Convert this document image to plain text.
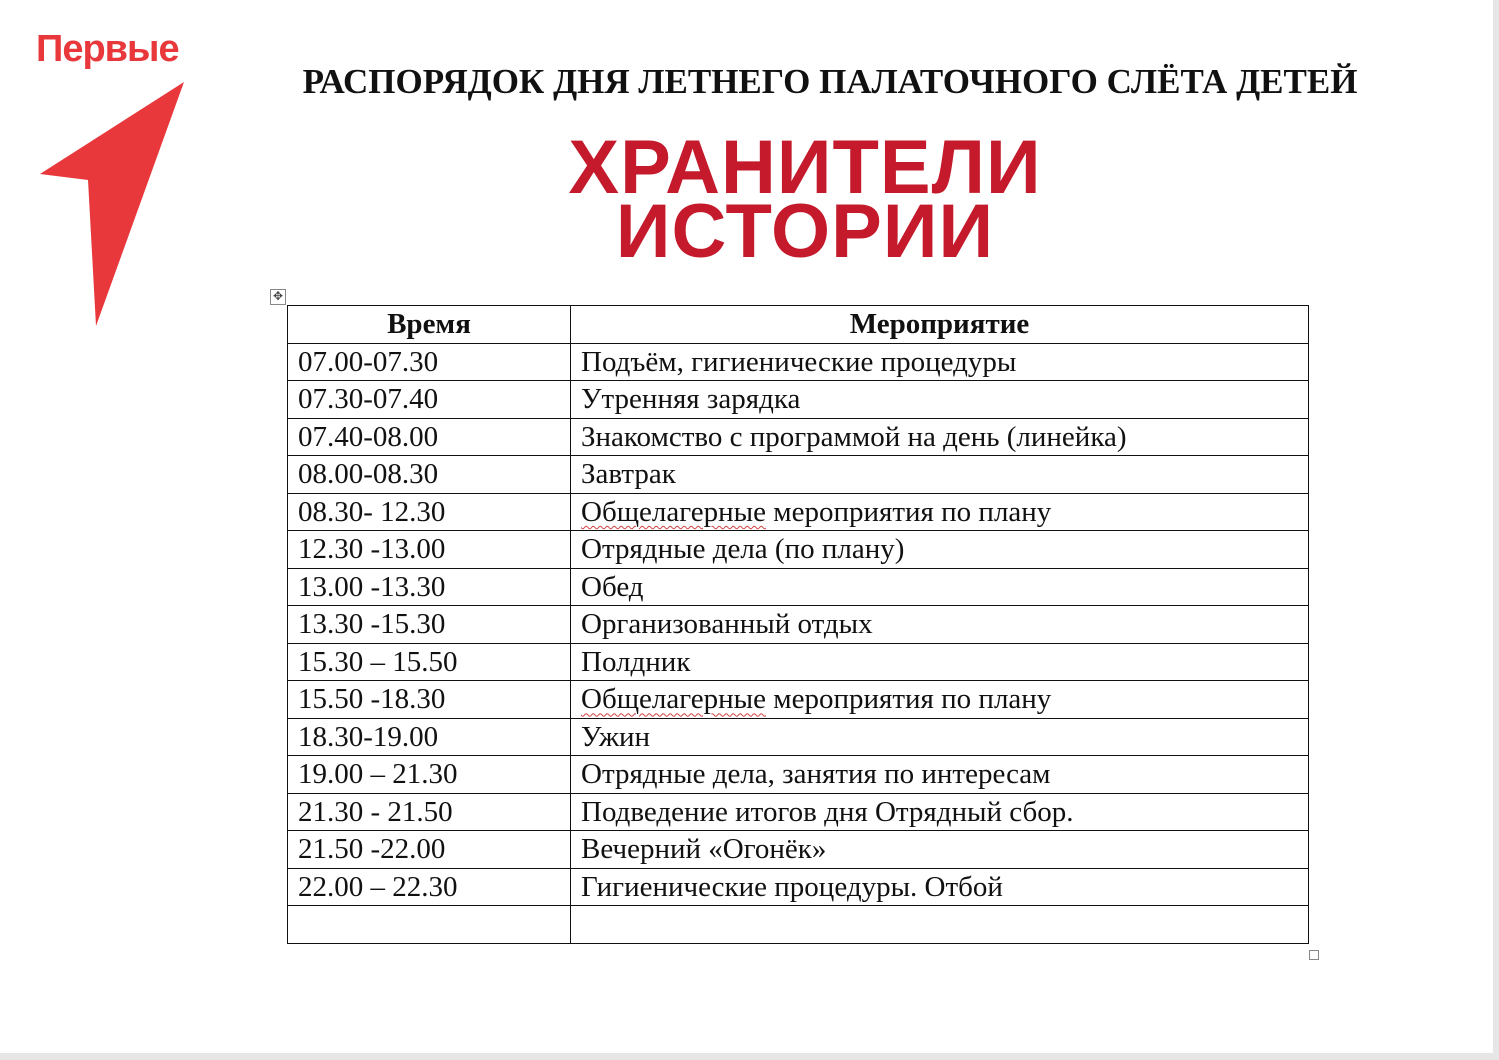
Первые
РАСПОРЯДОК ДНЯ ЛЕТНЕГО ПАЛАТОЧНОГО СЛЁТА ДЕТЕЙ
ХРАНИТЕЛИ
ИСТОРИИ
✥
Время	Мероприятие
07.00-07.30	Подъём, гигиенические процедуры
07.30-07.40	Утренняя зарядка
07.40-08.00	Знакомство с программой на день (линейка)
08.00-08.30	Завтрак
08.30- 12.30	Общелагерные мероприятия по плану
12.30 -13.00	Отрядные дела (по плану)
13.00 -13.30	Обед
13.30 -15.30	Организованный отдых
15.30 – 15.50	Полдник
15.50 -18.30	Общелагерные мероприятия по плану
18.30-19.00	Ужин
19.00 – 21.30	Отрядные дела, занятия по интересам
21.30 - 21.50	Подведение итогов дня Отрядный сбор.
21.50 -22.00	Вечерний «Огонёк»
22.00 – 22.30	Гигиенические процедуры. Отбой
